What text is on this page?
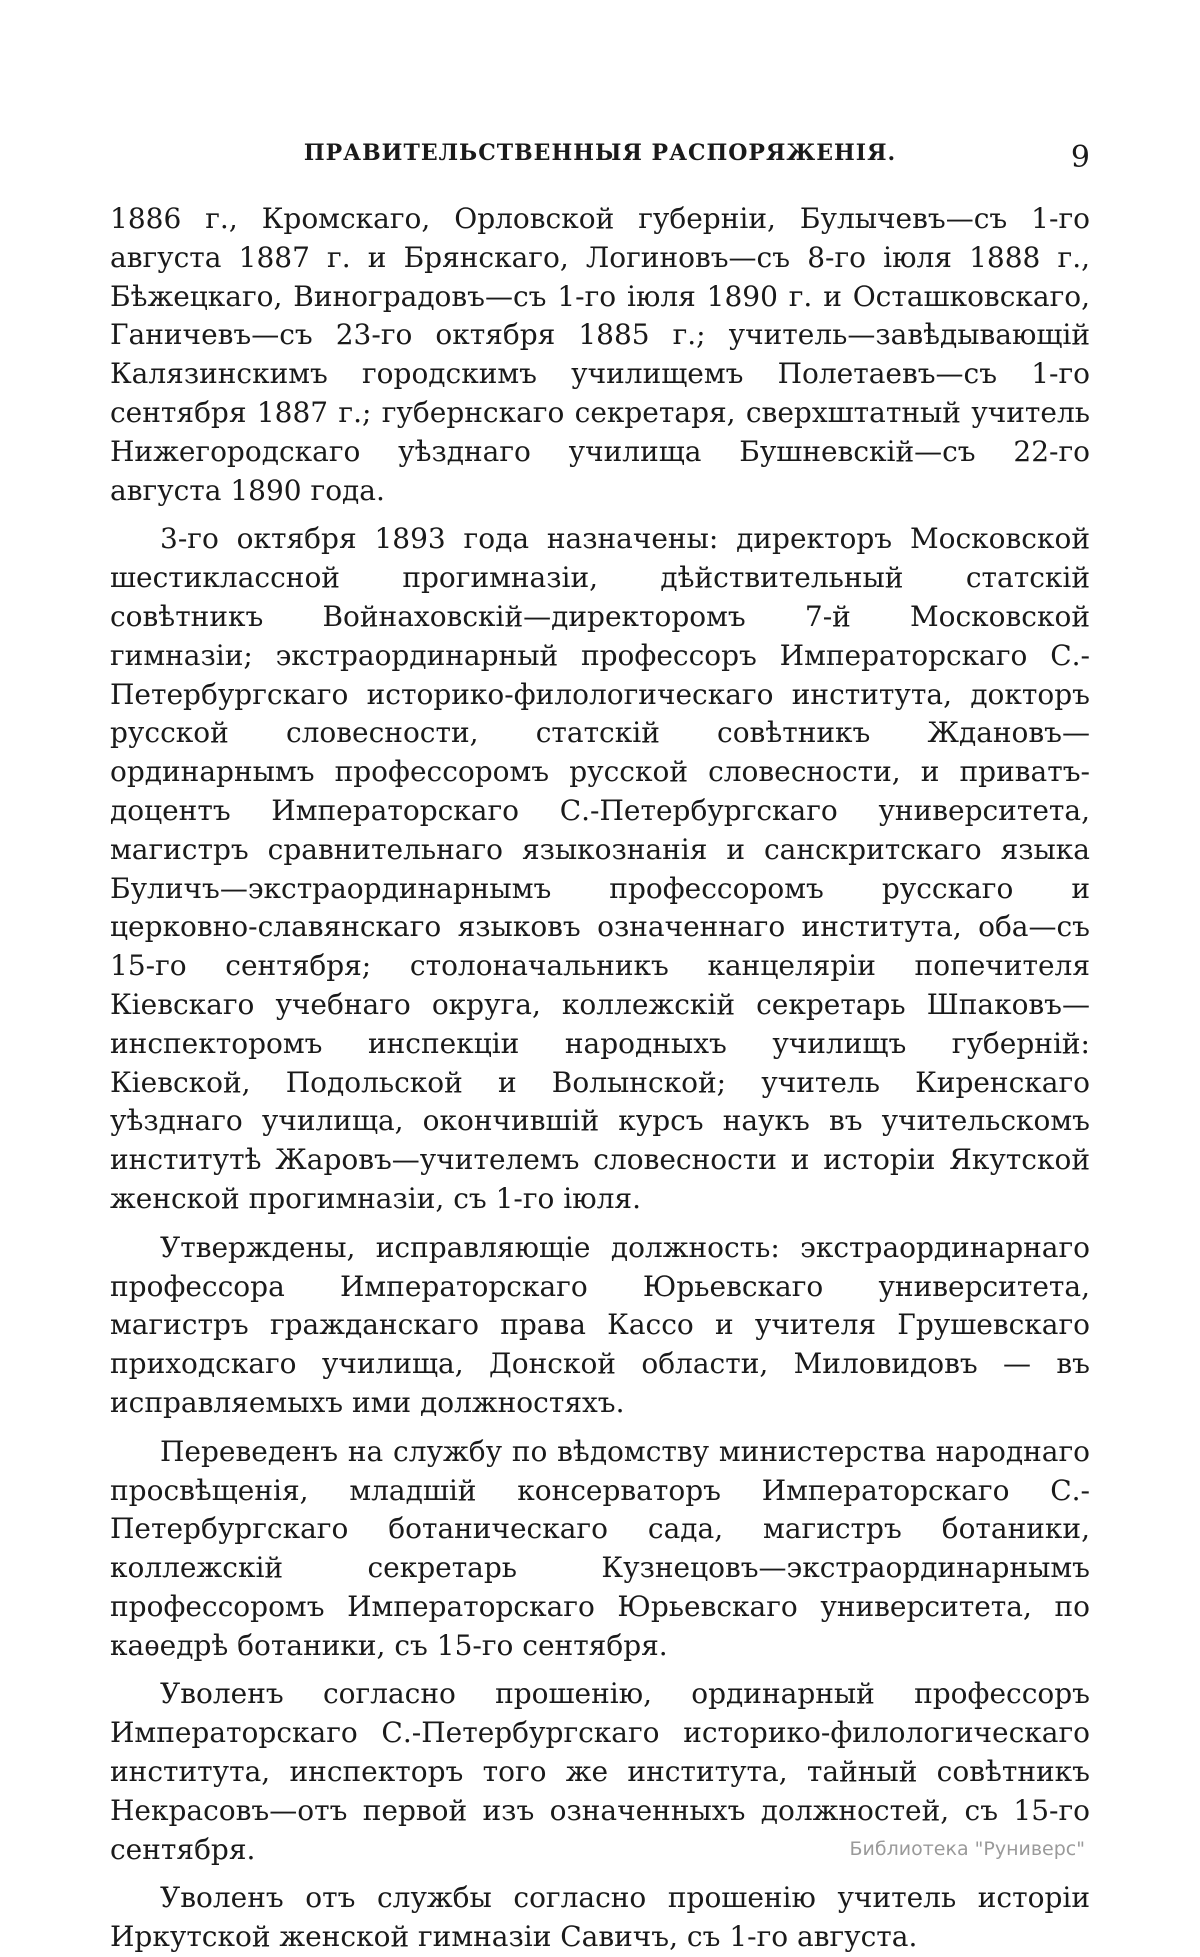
ПРАВИТЕЛЬСТВЕННЫЯ РАСПОРЯЖЕНІЯ.	9

1886 г., Кромскаго, Орловской губерніи, Булычевъ—съ 1-го августа 1887 г. и Брянскаго, Логиновъ—съ 8-го іюля 1888 г., Бѣжецкаго, Виноградовъ—съ 1-го іюля 1890 г. и Осташковскаго, Ганичевъ—съ 23-го октября 1885 г.; учитель—завѣдывающій Калязинскимъ городскимъ училищемъ Полетаевъ—съ 1-го сентября 1887 г.; губернскаго секретаря, сверхштатный учитель Нижегородскаго уѣзднаго училища Бушневскій—съ 22-го августа 1890 года.

3-го октября 1893 года назначены: директоръ Московской шестиклассной прогимназіи, дѣйствительный статскій совѣтникъ Войнаховскій—директоромъ 7-й Московской гимназіи; экстраординарный профессоръ Императорскаго С.-Петербургскаго историко-филологическаго института, докторъ русской словесности, статскій совѣтникъ Ждановъ—ординарнымъ профессоромъ русской словесности, и приватъ-доцентъ Императорскаго С.-Петербургскаго университета, магистръ сравнительнаго языкознанія и санскритскаго языка Буличъ—экстраординарнымъ профессоромъ русскаго и церковно-славянскаго языковъ означеннаго института, оба—съ 15-го сентября; столоначальникъ канцеляріи попечителя Кіевскаго учебнаго округа, коллежскій секретарь Шпаковъ—инспекторомъ инспекціи народныхъ училищъ губерній: Кіевской, Подольской и Волынской; учитель Киренскаго уѣзднаго училища, окончившій курсъ наукъ въ учительскомъ институтѣ Жаровъ—учителемъ словесности и исторіи Якутской женской прогимназіи, съ 1-го іюля.

Утверждены, исправляющіе должность: экстраординарнаго профессора Императорскаго Юрьевскаго университета, магистръ гражданскаго права Кассо и учителя Грушевскаго приходскаго училища, Донской области, Миловидовъ — въ исправляемыхъ ими должностяхъ.

Переведенъ на службу по вѣдомству министерства народнаго просвѣщенія, младшій консерваторъ Императорскаго С.-Петербургскаго ботаническаго сада, магистръ ботаники, коллежскій секретарь Кузнецовъ—экстраординарнымъ профессоромъ Императорскаго Юрьевскаго университета, по каѳедрѣ ботаники, съ 15-го сентября.

Уволенъ согласно прошенію, ординарный профессоръ Императорскаго С.-Петербургскаго историко-филологическаго института, инспекторъ того же института, тайный совѣтникъ Некрасовъ—отъ первой изъ означенныхъ должностей, съ 15-го сентября.

Уволенъ отъ службы согласно прошенію учитель исторіи Иркутской женской гимназіи Савичъ, съ 1-го августа.

Библиотека "Руниверс"
